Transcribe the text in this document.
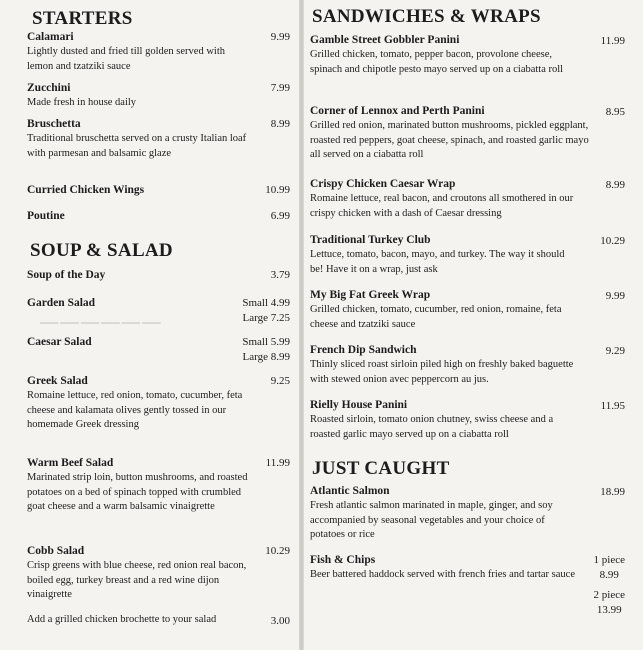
──────
STARTERS
Calamari
Lightly dusted and fried till golden served with lemon and tzatziki sauce
9.99
Zucchini
Made fresh in house daily
7.99
Bruschetta
Traditional bruschetta served on a crusty Italian loaf with parmesan and balsamic glaze
8.99
Curried Chicken Wings	10.99
Poutine	6.99
SOUP & SALAD
Soup of the Day	3.79
Garden Salad	Small 4.99
Large 7.25
Caesar Salad	Small 5.99
Large 8.99
Greek Salad
Romaine lettuce, red onion, tomato, cucumber, feta cheese and kalamata olives gently tossed in our homemade Greek dressing
9.25
Warm Beef Salad
Marinated strip loin, button mushrooms, and roasted potatoes on a bed of spinach topped with crumbled goat cheese and a warm balsamic vinaigrette
11.99
Cobb Salad
Crisp greens with blue cheese, red onion real bacon, boiled egg, turkey breast and a red wine dijon vinaigrette
10.29
Add a grilled chicken brochette to your salad	3.00
SANDWICHES & WRAPS
Gamble Street Gobbler Panini
Grilled chicken, tomato, pepper bacon, provolone cheese, spinach and chipotle pesto mayo served up on a ciabatta roll
11.99
Corner of Lennox and Perth Panini
Grilled red onion, marinated button mushrooms, pickled eggplant, roasted red peppers, goat cheese, spinach, and roasted garlic mayo all served on a ciabatta roll
8.95
Crispy Chicken Caesar Wrap
Romaine lettuce, real bacon, and croutons all smothered in our crispy chicken with a dash of Caesar dressing
8.99
Traditional Turkey Club
Lettuce, tomato, bacon, mayo, and turkey. The way it should be! Have it on a wrap, just ask
10.29
My Big Fat Greek Wrap
Grilled chicken, tomato, cucumber, red onion, romaine, feta cheese and tzatziki sauce
9.99
French Dip Sandwich
Thinly sliced roast sirloin piled high on freshly baked baguette with stewed onion avec peppercorn au jus.
9.29
Rielly House Panini
Roasted sirloin, tomato onion chutney, swiss cheese and a roasted garlic mayo served up on a ciabatta roll
11.95
JUST CAUGHT
Atlantic Salmon
Fresh atlantic salmon marinated in maple, ginger, and soy accompanied by seasonal vegetables and your choice of potatoes or rice
18.99
Fish & Chips
Beer battered haddock served with french fries and tartar sauce
1 piece
8.99
2 piece
13.99
